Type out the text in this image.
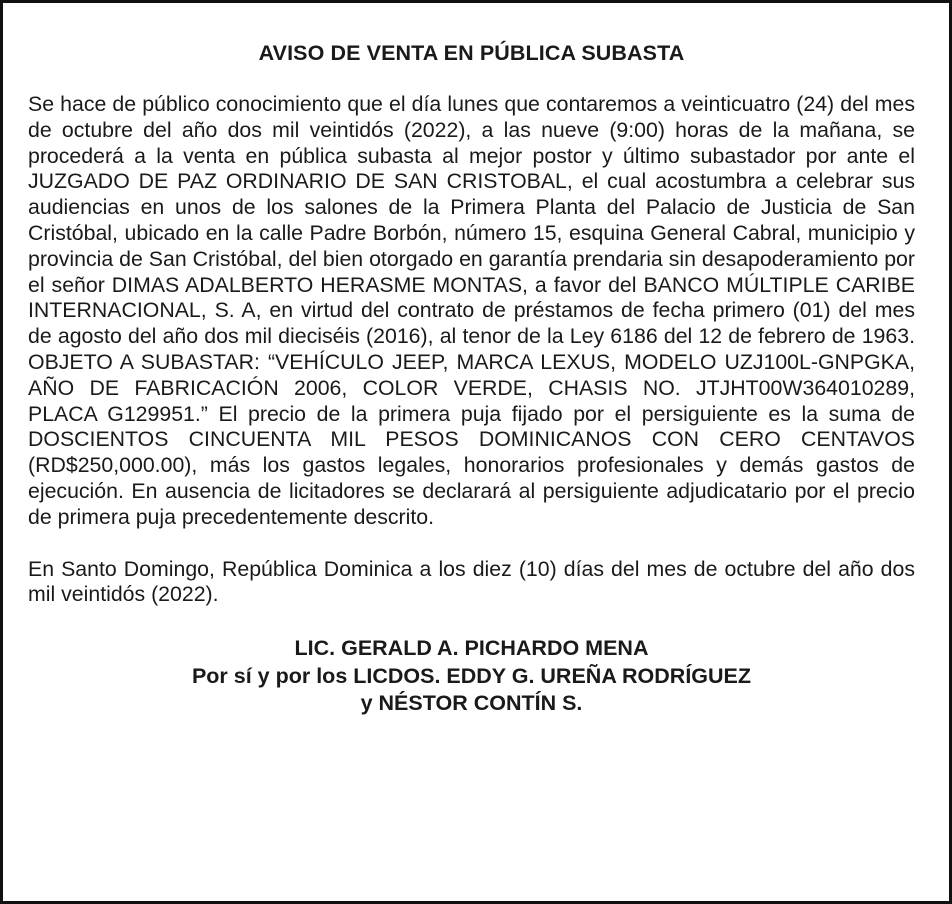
AVISO DE VENTA EN PÚBLICA SUBASTA

Se hace de público conocimiento que el día lunes que contaremos a veinticuatro (24) del mes de octubre del año dos mil veintidós (2022), a las nueve (9:00) horas de la mañana, se procederá a la venta en pública subasta al mejor postor y último subastador por ante el JUZGADO DE PAZ ORDINARIO DE SAN CRISTOBAL, el cual acostumbra a celebrar sus audiencias en unos de los salones de la Primera Planta del Palacio de Justicia de San Cristóbal, ubicado en la calle Padre Borbón, número 15, esquina General Cabral, municipio y provincia de San Cristóbal, del bien otorgado en garantía prendaria sin desapoderamiento por el señor DIMAS ADALBERTO HERASME MONTAS, a favor del BANCO MÚLTIPLE CARIBE INTERNACIONAL, S. A, en virtud del contrato de préstamos de fecha primero (01) del mes de agosto del año dos mil dieciséis (2016), al tenor de la Ley 6186 del 12 de febrero de 1963. OBJETO A SUBASTAR: “VEHÍCULO JEEP, MARCA LEXUS, MODELO UZJ100L-GNPGKA, AÑO DE FABRICACIÓN 2006, COLOR VERDE, CHASIS NO. JTJHT00W364010289, PLACA G129951.” El precio de la primera puja fijado por el persiguiente es la suma de DOSCIENTOS CINCUENTA MIL PESOS DOMINICANOS CON CERO CENTAVOS (RD$250,000.00), más los gastos legales, honorarios profesionales y demás gastos de ejecución. En ausencia de licitadores se declarará al persiguiente adjudicatario por el precio de primera puja precedentemente descrito.

En Santo Domingo, República Dominica a los diez (10) días del mes de octubre del año dos mil veintidós (2022).

LIC. GERALD A. PICHARDO MENA
Por sí y por los LICDOS. EDDY G. UREÑA RODRÍGUEZ
y NÉSTOR CONTÍN S.
